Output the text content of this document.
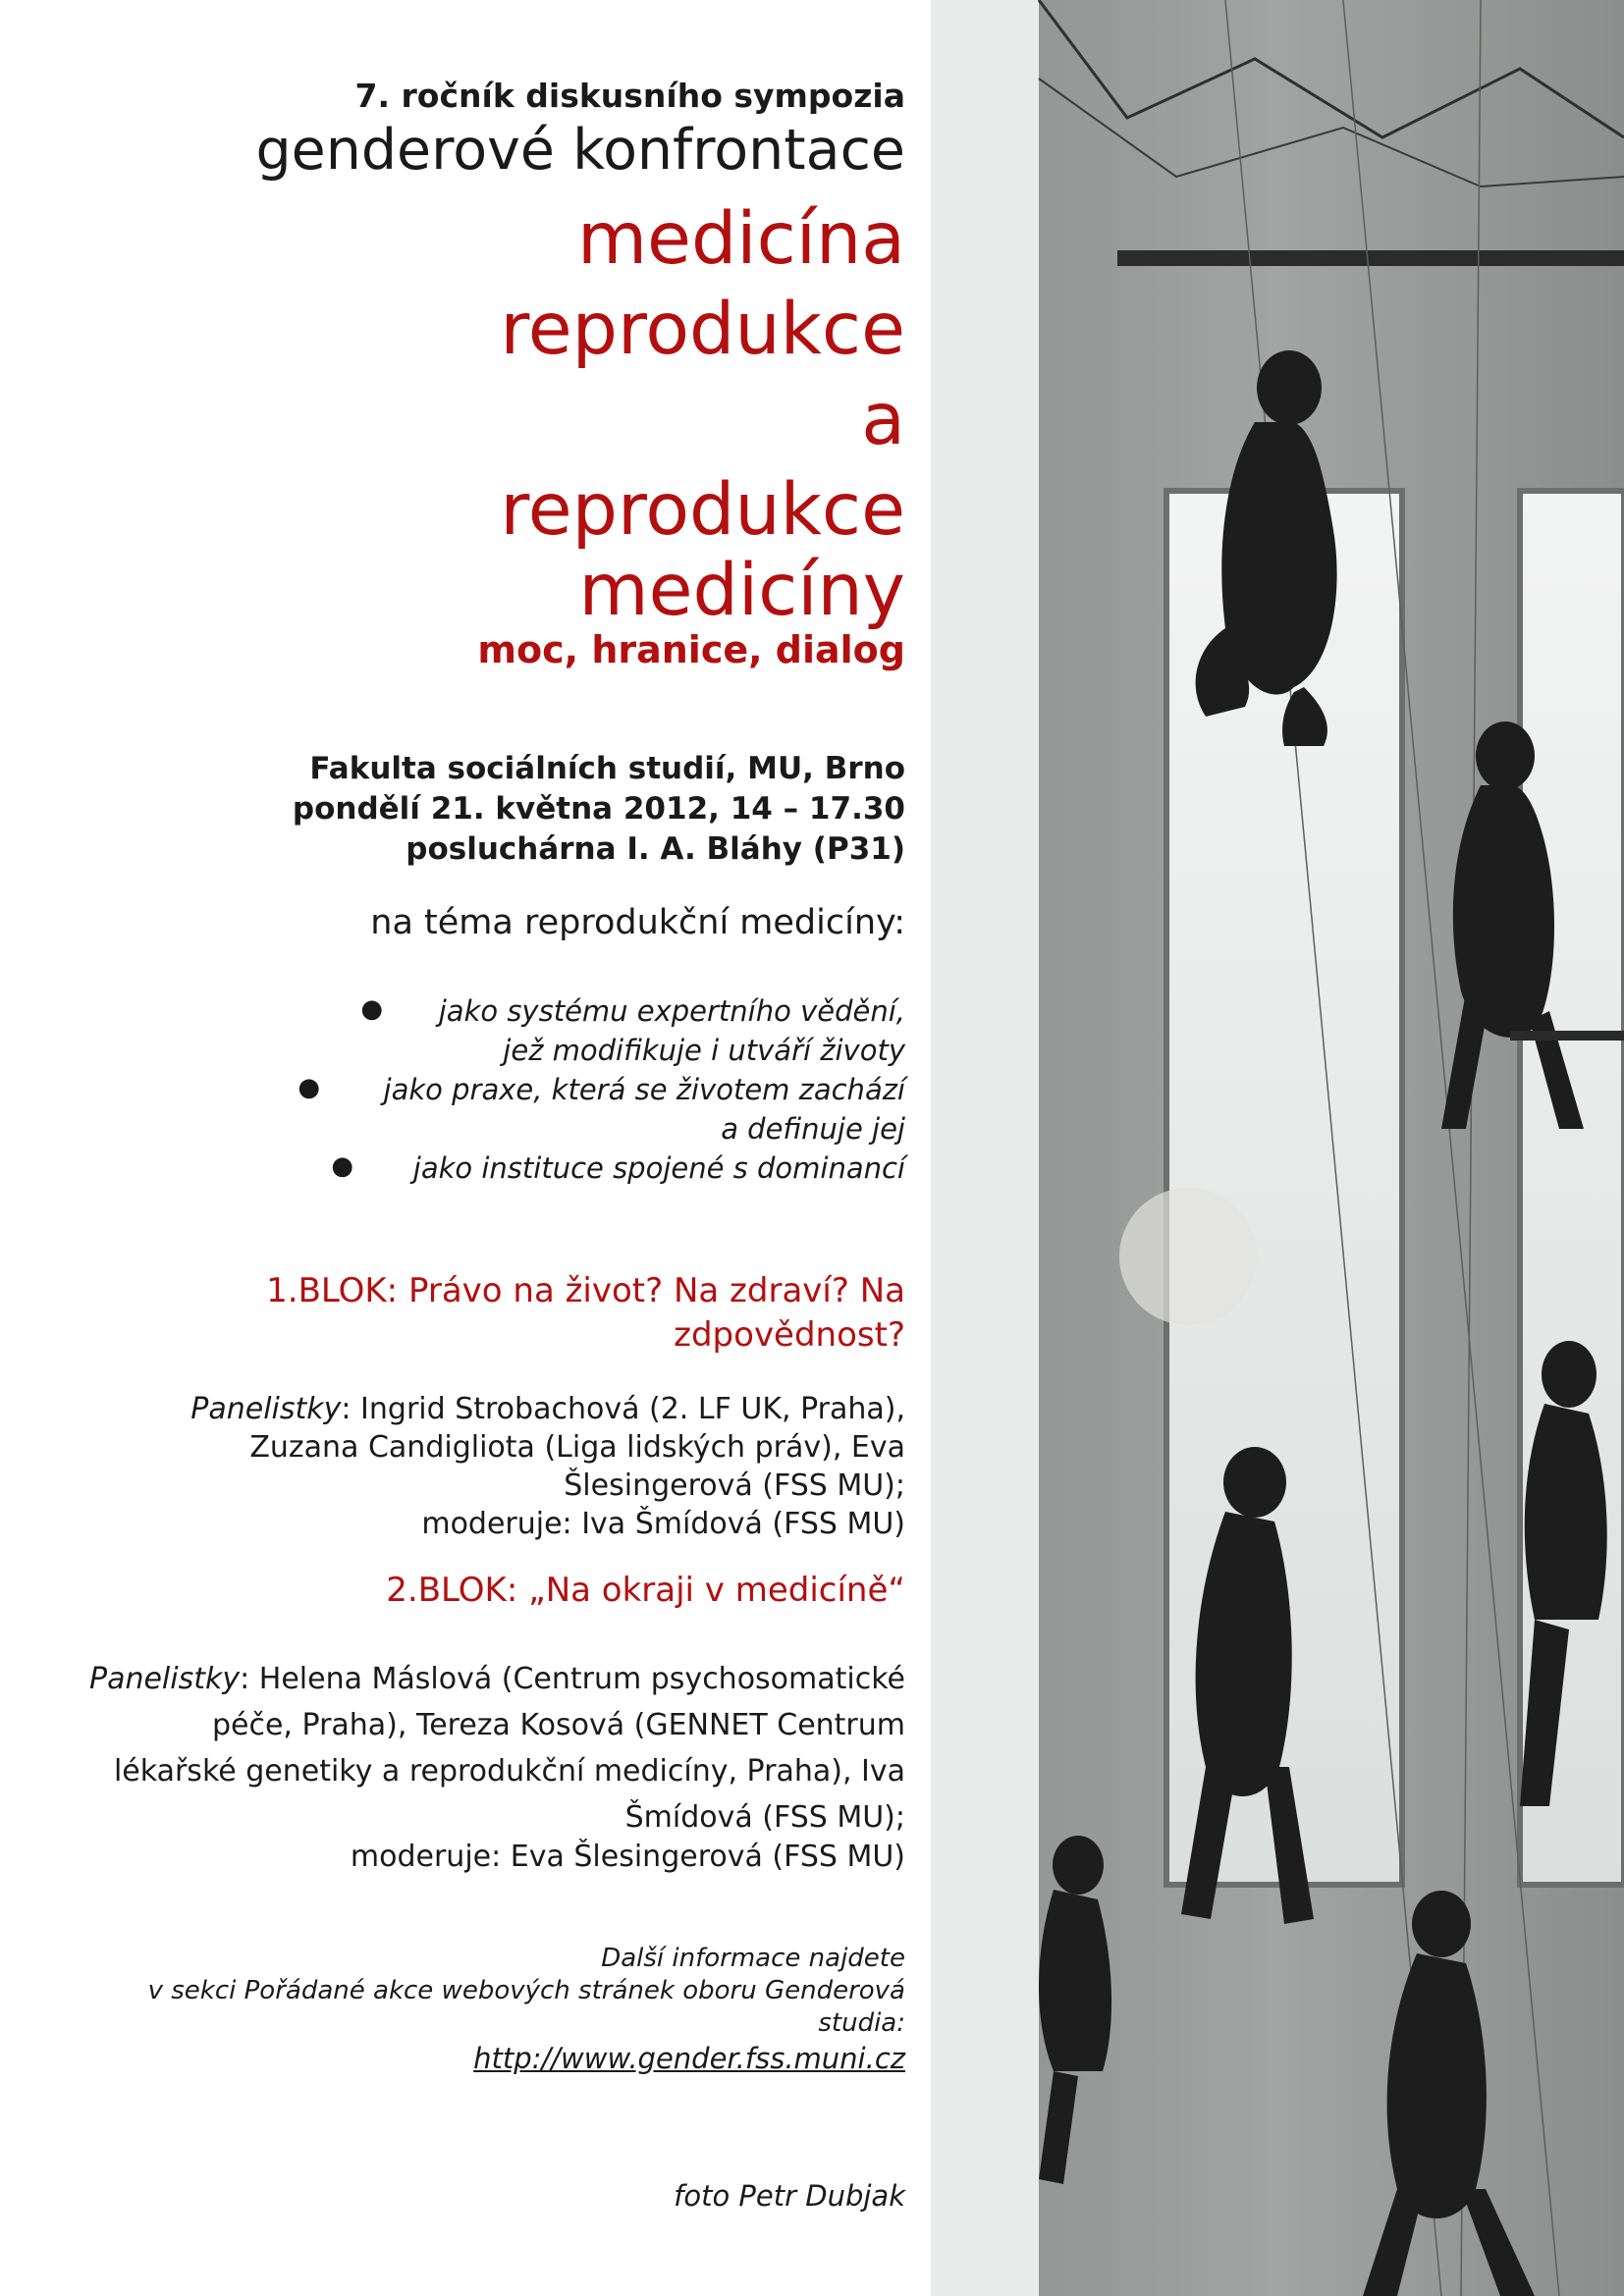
7. ročník diskusního sympozia
genderové konfrontace
medicína
reprodukce
a
reprodukce
medicíny
moc, hranice, dialog
Fakulta sociálních studií, MU, Brno
pondělí 21. května 2012, 14 – 17.30
posluchárna I. A. Bláhy (P31)
na téma reprodukční medicíny:
● jako systému expertního vědění,
jež modifikuje i utváří životy
● jako praxe, která se životem zachází
a definuje jej
● jako instituce spojené s dominancí
1.BLOK: Právo na život? Na zdraví? Na
zdpovědnost?
Panelistky: Ingrid Strobachová (2. LF UK, Praha),
Zuzana Candigliota (Liga lidských práv), Eva
Šlesingerová (FSS MU);
moderuje: Iva Šmídová (FSS MU)
2.BLOK: „Na okraji v medicíně“
Panelistky: Helena Máslová (Centrum psychosomatické
péče, Praha), Tereza Kosová (GENNET Centrum
lékařské genetiky a reprodukční medicíny, Praha), Iva
Šmídová (FSS MU);
moderuje: Eva Šlesingerová (FSS MU)
Další informace najdete
v sekci Pořádané akce webových stránek oboru Genderová
studia:
http://www.gender.fss.muni.cz
foto Petr Dubjak
